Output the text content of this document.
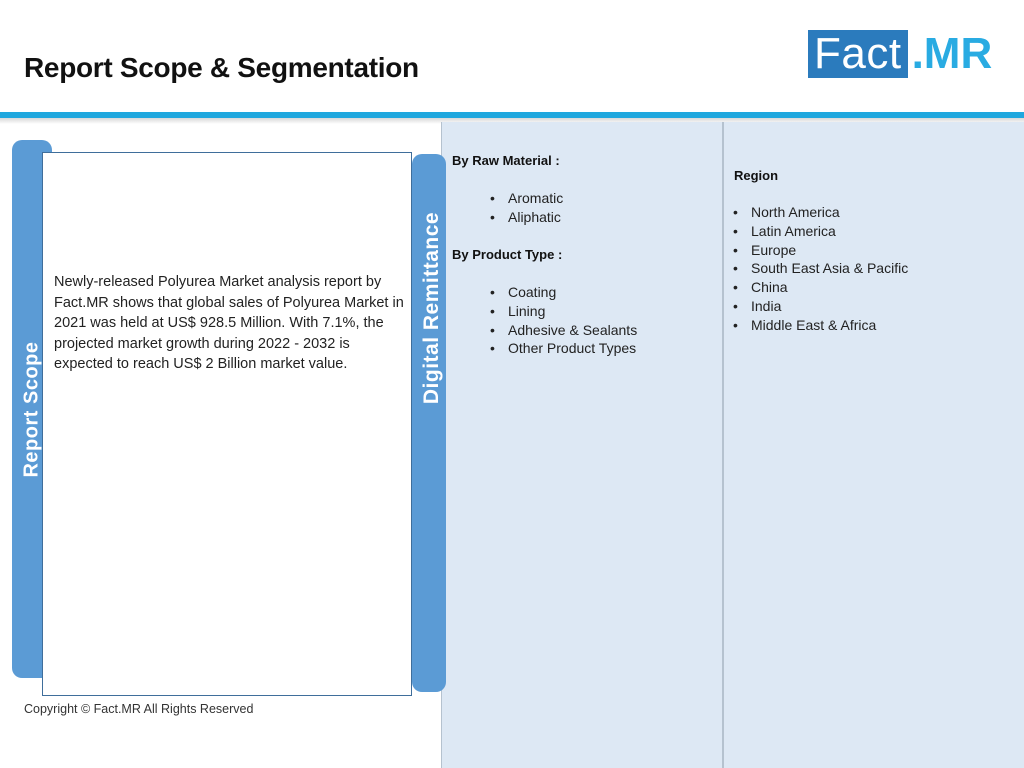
Report Scope & Segmentation	Fact .MR
Report Scope
Digital Remittance
Newly-released Polyurea Market analysis report by Fact.MR shows that global sales of Polyurea Market in 2021 was held at US$ 928.5 Million. With 7.1%, the projected market growth during 2022 - 2032 is expected to reach US$ 2 Billion market value.
By Raw Material :
• Aromatic
• Aliphatic
By Product Type :
• Coating
• Lining
• Adhesive & Sealants
• Other Product Types
Region
• North America
• Latin America
• Europe
• South East Asia & Pacific
• China
• India
• Middle East & Africa
Copyright © Fact.MR All Rights Reserved
